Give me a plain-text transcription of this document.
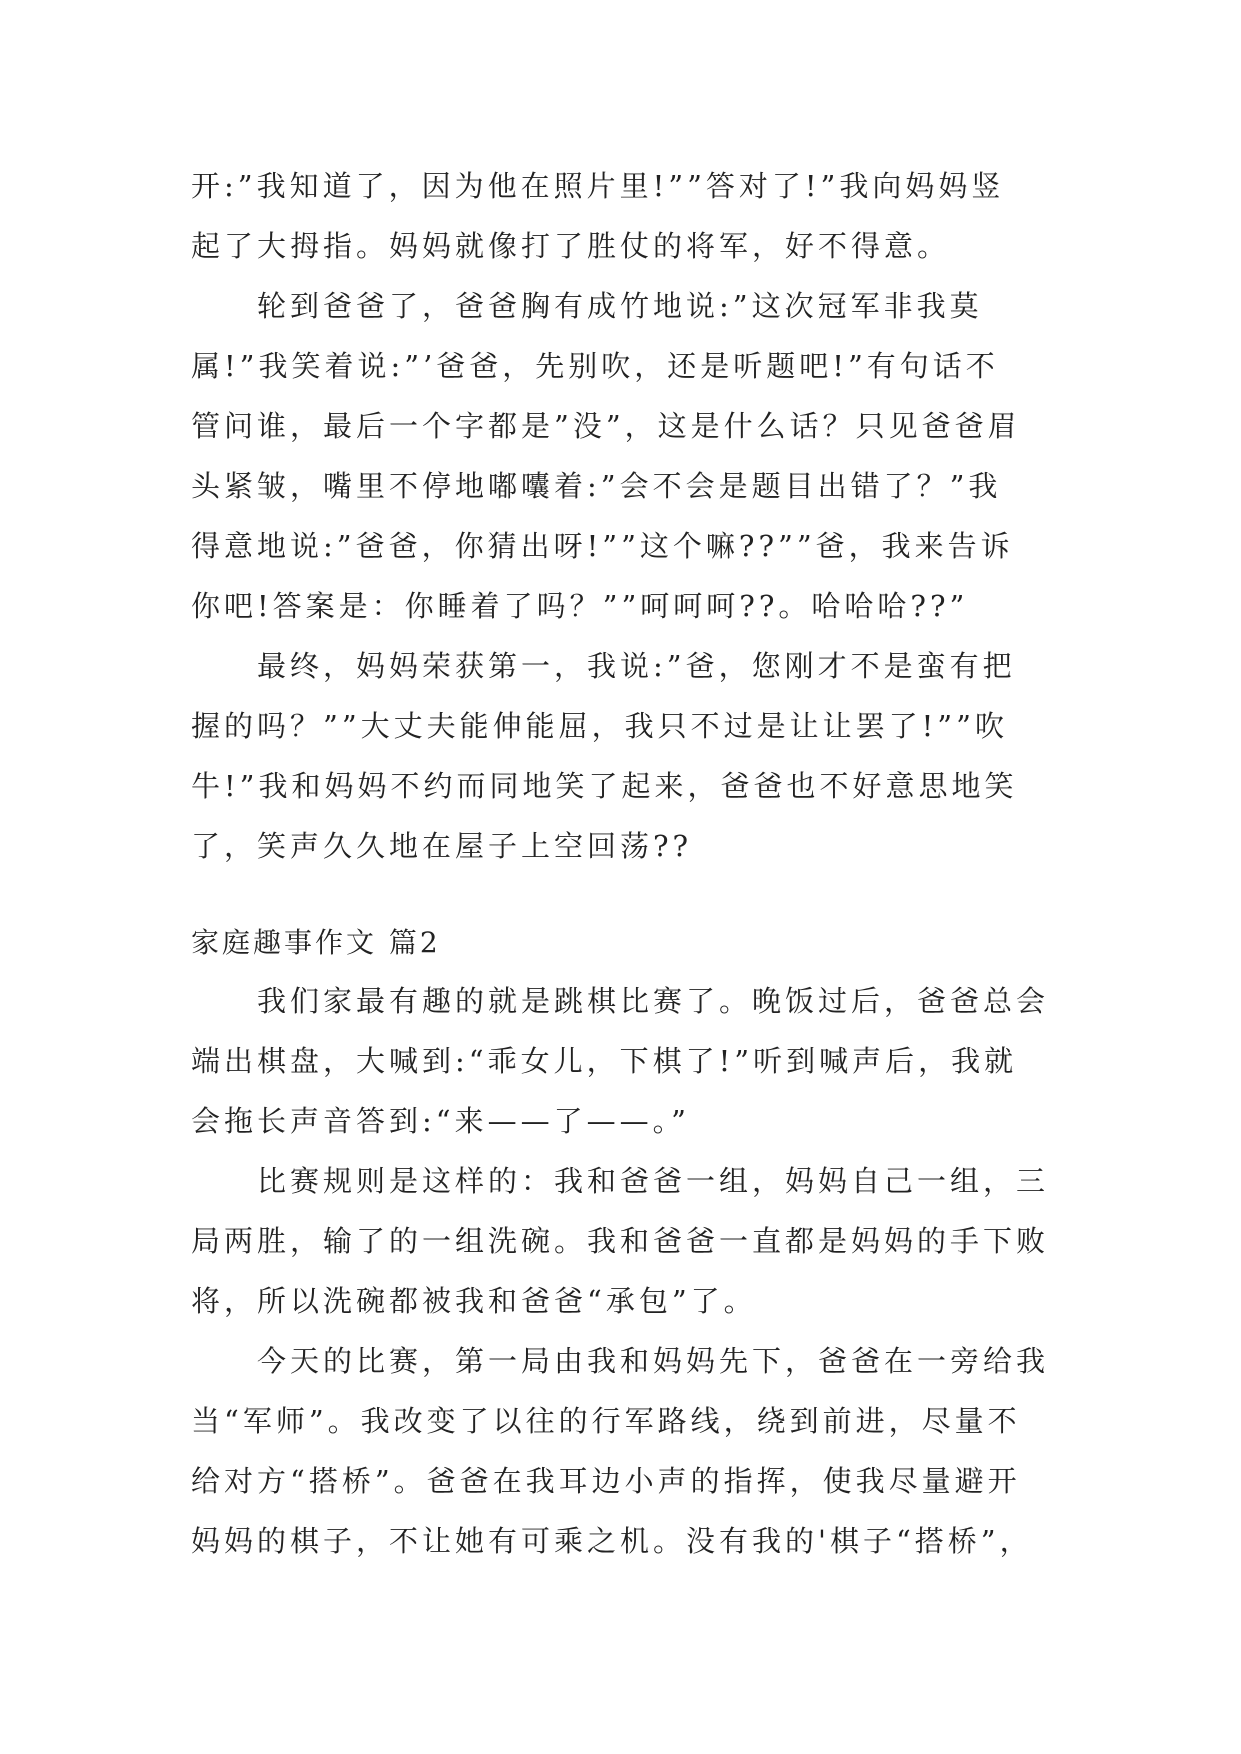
开:”我知道了，因为他在照片里!””答对了!”我向妈妈竖
起了大拇指。妈妈就像打了胜仗的将军，好不得意。
轮到爸爸了，爸爸胸有成竹地说:”这次冠军非我莫
属!”我笑着说:”’爸爸，先别吹，还是听题吧!”有句话不
管问谁，最后一个字都是”没”，这是什么话？只见爸爸眉
头紧皱，嘴里不停地嘟囔着:”会不会是题目出错了？”我
得意地说:”爸爸，你猜出呀!””这个嘛??””爸，我来告诉
你吧!答案是：你睡着了吗？””呵呵呵??。哈哈哈??”
最终，妈妈荣获第一，我说:”爸，您刚才不是蛮有把
握的吗？””大丈夫能伸能屈，我只不过是让让罢了!””吹
牛!”我和妈妈不约而同地笑了起来，爸爸也不好意思地笑
了，笑声久久地在屋子上空回荡??
家庭趣事作文 篇2
我们家最有趣的就是跳棋比赛了。晚饭过后，爸爸总会
端出棋盘，大喊到:“乖女儿，下棋了!”听到喊声后，我就
会拖长声音答到:“来——了——。”
比赛规则是这样的：我和爸爸一组，妈妈自己一组，三
局两胜，输了的一组洗碗。我和爸爸一直都是妈妈的手下败
将，所以洗碗都被我和爸爸“承包”了。
今天的比赛，第一局由我和妈妈先下，爸爸在一旁给我
当“军师”。我改变了以往的行军路线，绕到前进，尽量不
给对方“搭桥”。爸爸在我耳边小声的指挥，使我尽量避开
妈妈的棋子，不让她有可乘之机。没有我的'棋子“搭桥”，
